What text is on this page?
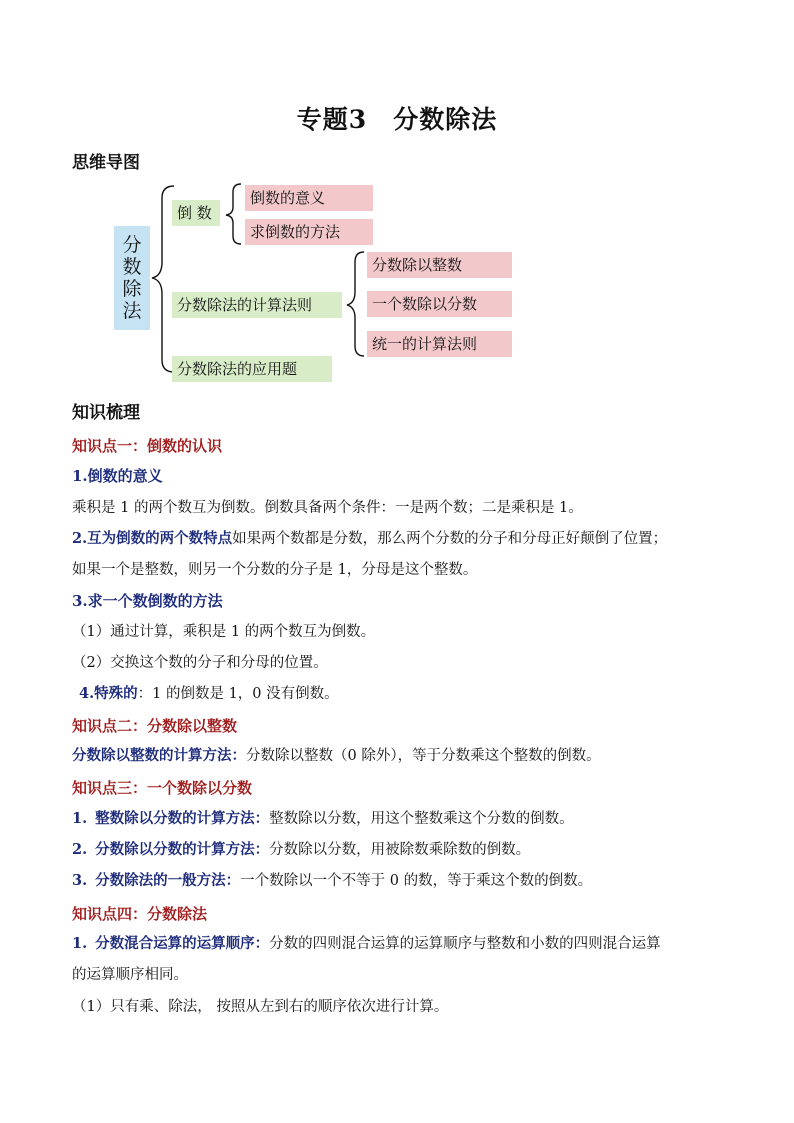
专题3　分数除法
思维导图
分数除法
倒 数
倒数的意义
求倒数的方法
分数除法的计算法则
分数除以整数
一个数除以分数
统一的计算法则
分数除法的应用题
知识梳理
知识点一：倒数的认识
1.倒数的意义
乘积是 1 的两个数互为倒数。倒数具备两个条件：一是两个数；二是乘积是 1。
2.互为倒数的两个数特点如果两个数都是分数，那么两个分数的分子和分母正好颠倒了位置；
如果一个是整数，则另一个分数的分子是 1，分母是这个整数。
3.求一个数倒数的方法
（1）通过计算，乘积是 1 的两个数互为倒数。
（2）交换这个数的分子和分母的位置。
4.特殊的：1 的倒数是 1，0 没有倒数。
知识点二：分数除以整数
分数除以整数的计算方法：分数除以整数（0 除外），等于分数乘这个整数的倒数。
知识点三：一个数除以分数
1. 整数除以分数的计算方法：整数除以分数，用这个整数乘这个分数的倒数。
2. 分数除以分数的计算方法：分数除以分数，用被除数乘除数的倒数。
3. 分数除法的一般方法：一个数除以一个不等于 0 的数，等于乘这个数的倒数。
知识点四：分数除法
1. 分数混合运算的运算顺序：分数的四则混合运算的运算顺序与整数和小数的四则混合运算
的运算顺序相同。
（1）只有乘、除法， 按照从左到右的顺序依次进行计算。
